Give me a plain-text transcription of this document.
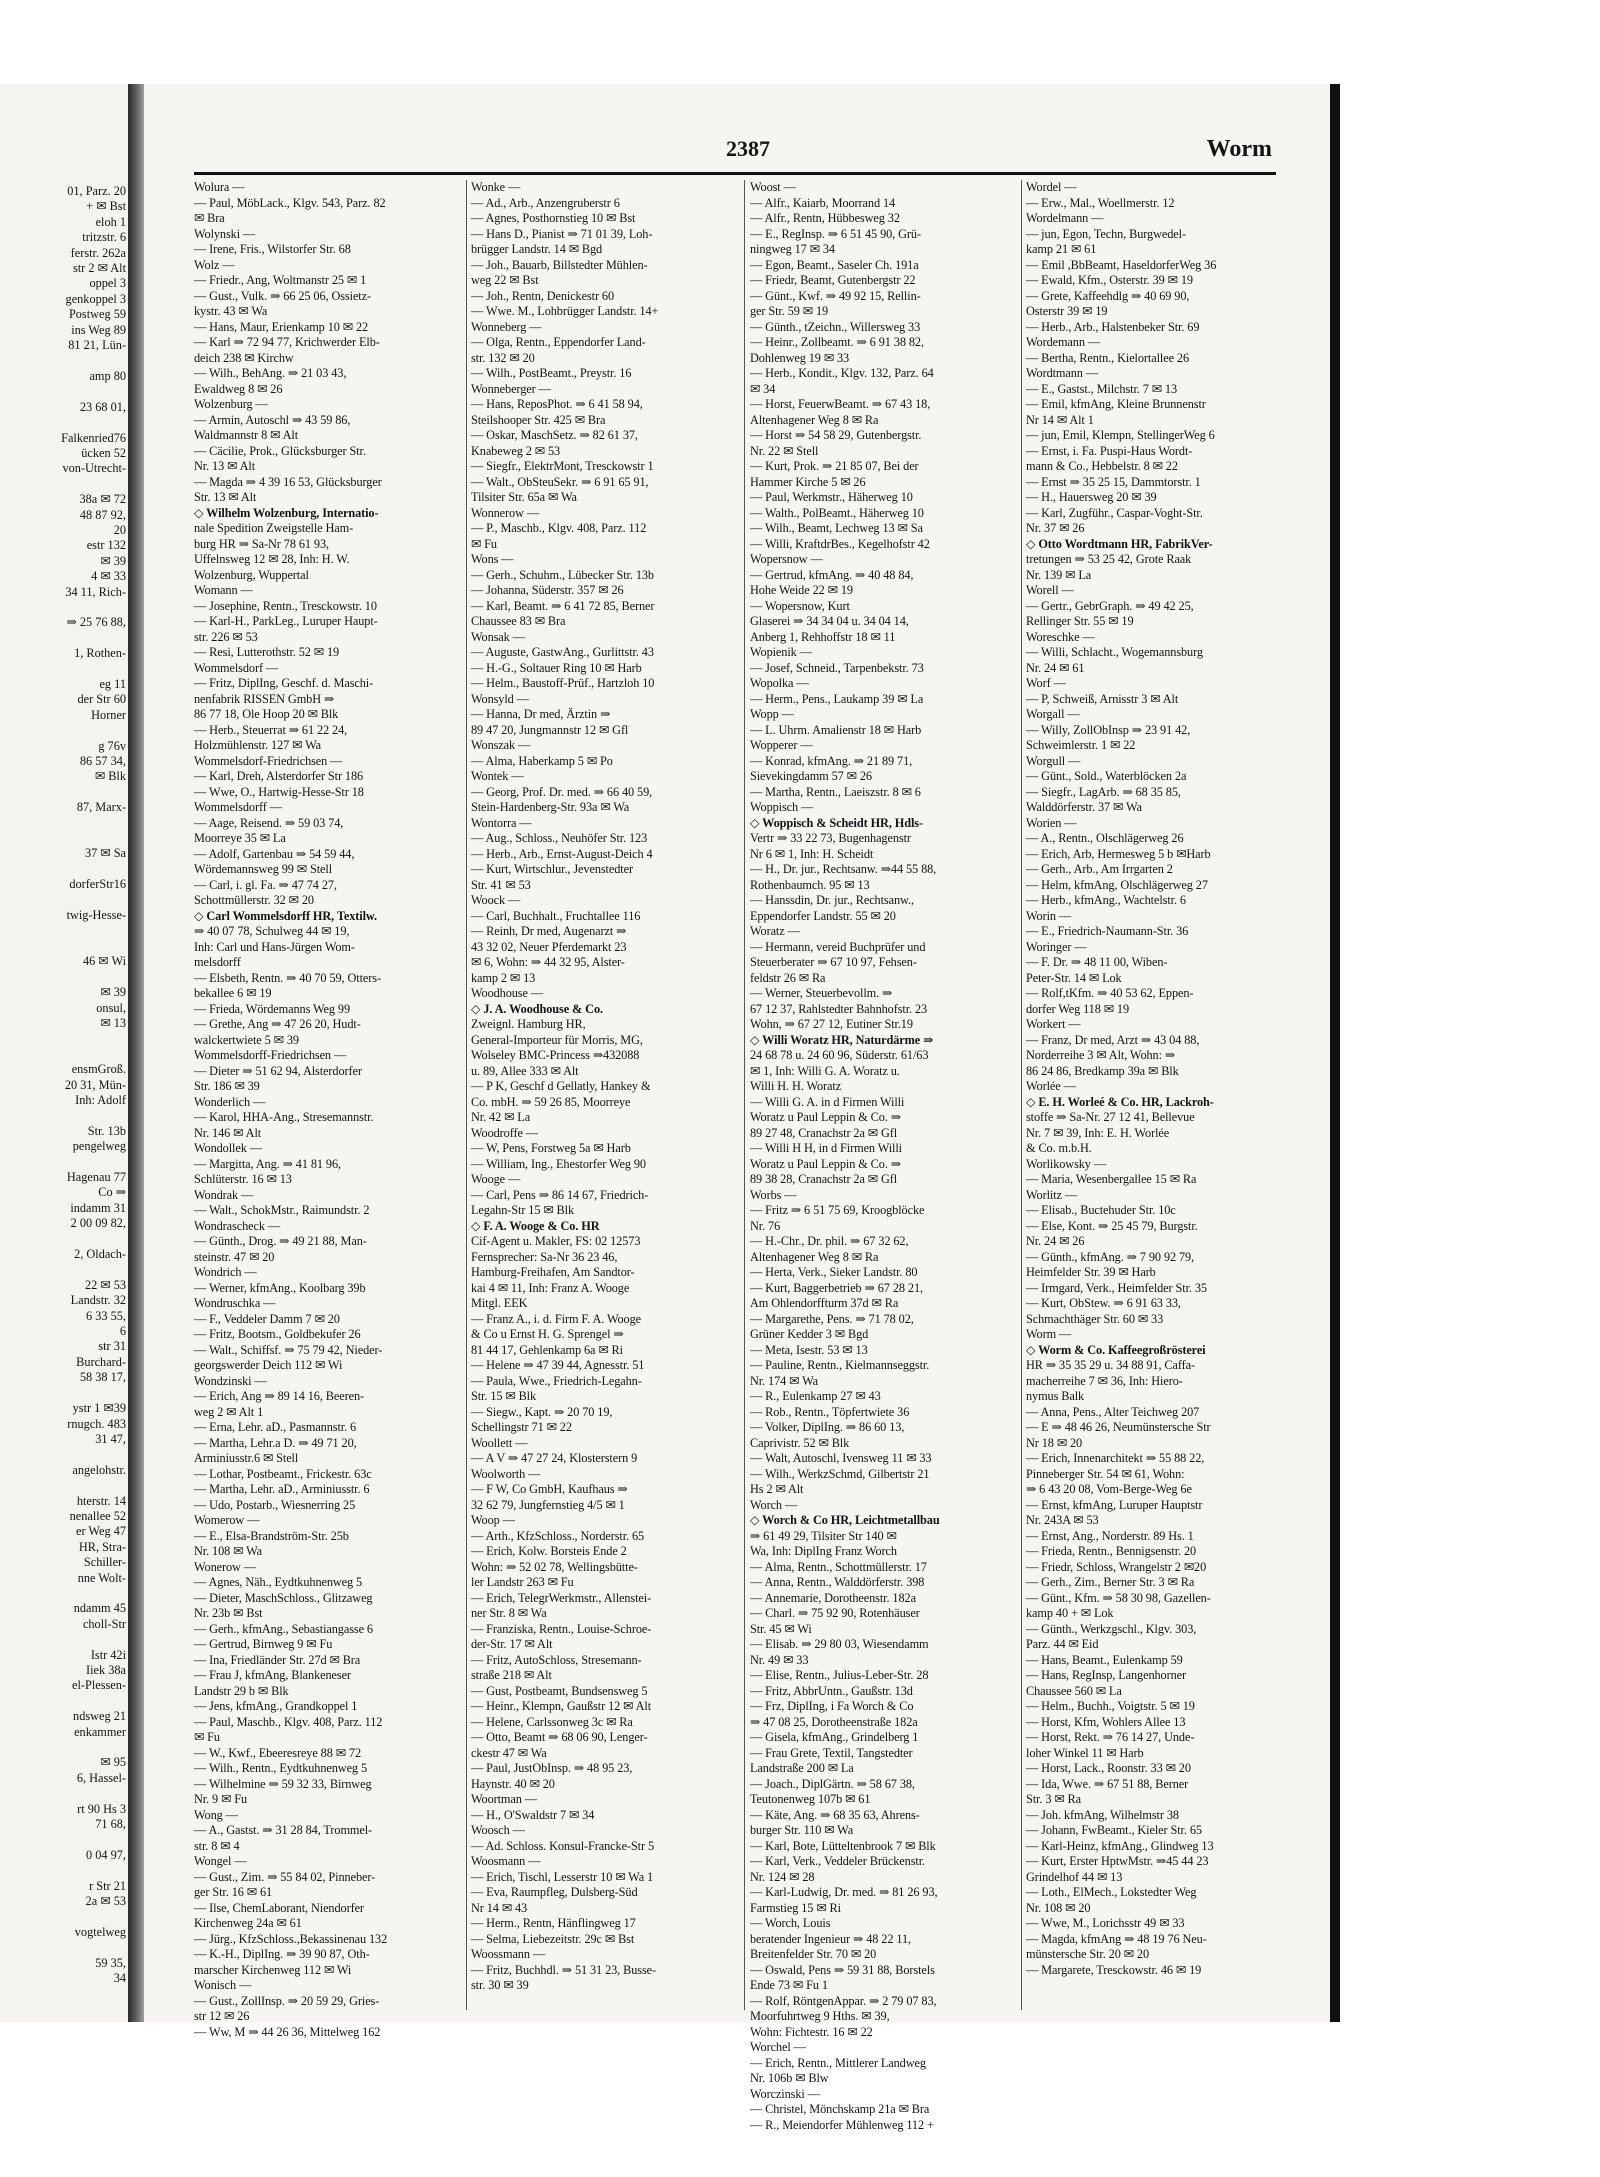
01, Parz. 20
+ ✉ Bst
eloh 1
tritzstr. 6
ferstr. 262a
str 2 ✉ Alt
oppel 3
genkoppel 3
Postweg 59
ins Weg 89
81 21, Lün-

amp 80

23 68 01,

Falkenried76
ücken 52
von-Utrecht-

38a ✉ 72
48 87 92,
20
estr 132
✉ 39
4 ✉ 33
34 11, Rich-

⇒ 25 76 88,

1, Rothen-

eg 11
der Str 60
Horner

g 76v
86 57 34,
✉ Blk

87, Marx-

37 ✉ Sa

dorferStr16

twig-Hesse-

46 ✉ Wi

✉ 39
onsul,
✉ 13

ensmGroß.
20 31, Mün-
Inh: Adolf

Str. 13b
pengelweg

Hagenau 77
Co ⇒
indamm 31
2 00 09 82,

2, Oldach-

22 ✉ 53
Landstr. 32
6 33 55,
6
str 31
Burchard-
58 38 17,

ystr 1 ✉39
rnugch. 483
31 47,

angelohstr.

hterstr. 14
nenallee 52
er Weg 47
HR, Stra-
Schiller-
nne Wolt-

ndamm 45
choll-Str

Istr 42i
Iiek 38a
el-Plessen-

ndsweg 21
enkammer

✉ 95
6, Hassel-

rt 90 Hs 3
71 68,

0 04 97,

r Str 21
2a ✉ 53

vogtelweg

59 35,
34
2387	Worm
Wolura —
— Paul, MöbLack., Klgv. 543, Parz. 82
✉ Bra
Wolynski —
— Irene, Fris., Wilstorfer Str. 68
Wolz —
— Friedr., Ang, Woltmanstr 25 ✉ 1
— Gust., Vulk. ⇒ 66 25 06, Ossietz-
kystr. 43 ✉ Wa
— Hans, Maur, Erienkamp 10 ✉ 22
— Karl ⇒ 72 94 77, Krichwerder Elb-
deich 238 ✉ Kirchw
— Wilh., BehAng. ⇒ 21 03 43,
Ewaldweg 8 ✉ 26
Wolzenburg —
— Armin, Autoschl ⇒ 43 59 86,
Waldmannstr 8 ✉ Alt
— Cäcilie, Prok., Glücksburger Str.
Nr. 13 ✉ Alt
— Magda ⇒ 4 39 16 53, Glücksburger
Str. 13 ✉ Alt
◇ Wilhelm Wolzenburg, Internatio-
nale Spedition Zweigstelle Ham-
burg HR ⇒ Sa-Nr 78 61 93,
Uffelnsweg 12 ✉ 28, Inh: H. W.
Wolzenburg, Wuppertal
Womann —
— Josephine, Rentn., Tresckowstr. 10
— Karl-H., ParkLeg., Luruper Haupt-
str. 226 ✉ 53
— Resi, Lutterothstr. 52 ✉ 19
Wommelsdorf —
— Fritz, DiplIng, Geschf. d. Maschi-
nenfabrik RISSEN GmbH ⇒
86 77 18, Ole Hoop 20 ✉ Blk
— Herb., Steuerrat ⇒ 61 22 24,
Holzmühlenstr. 127 ✉ Wa
Wommelsdorf-Friedrichsen —
— Karl, Dreh, Alsterdorfer Str 186
— Wwe, O., Hartwig-Hesse-Str 18
Wommelsdorff —
— Aage, Reisend. ⇒ 59 03 74,
Moorreye 35 ✉ La
— Adolf, Gartenbau ⇒ 54 59 44,
Wördemannsweg 99 ✉ Stell
— Carl, i. gl. Fa. ⇒ 47 74 27,
Schottmüllerstr. 32 ✉ 20
◇ Carl Wommelsdorff HR, Textilw.
⇒ 40 07 78, Schulweg 44 ✉ 19,
Inh: Carl und Hans-Jürgen Wom-
melsdorff
— Elsbeth, Rentn. ⇒ 40 70 59, Otters-
bekallee 6 ✉ 19
— Frieda, Wördemanns Weg 99
— Grethe, Ang ⇒ 47 26 20, Hudt-
walckertwiete 5 ✉ 39
Wommelsdorff-Friedrichsen —
— Dieter ⇒ 51 62 94, Alsterdorfer
Str. 186 ✉ 39
Wonderlich —
— Karol, HHA-Ang., Stresemannstr.
Nr. 146 ✉ Alt
Wondollek —
— Margitta, Ang. ⇒ 41 81 96,
Schlüterstr. 16 ✉ 13
Wondrak —
— Walt., SchokMstr., Raimundstr. 2
Wondrascheck —
— Günth., Drog. ⇒ 49 21 88, Man-
steinstr. 47 ✉ 20
Wondrich —
— Werner, kfmAng., Koolbarg 39b
Wondruschka —
— F., Veddeler Damm 7 ✉ 20
— Fritz, Bootsm., Goldbekufer 26
— Walt., Schiffsf. ⇒ 75 79 42, Nieder-
georgswerder Deich 112 ✉ Wi
Wondzinski —
— Erich, Ang ⇒ 89 14 16, Beeren-
weg 2 ✉ Alt 1
— Erna, Lehr. aD., Pasmannstr. 6
— Martha, Lehr.a D. ⇒ 49 71 20,
Arminiusstr.6 ✉ Stell
— Lothar, Postbeamt., Frickestr. 63c
— Martha, Lehr. aD., Arminiusstr. 6
— Udo, Postarb., Wiesnerring 25
Womerow —
— E., Elsa-Brandström-Str. 25b
Nr. 108 ✉ Wa
Wonerow —
— Agnes, Näh., Eydtkuhnenweg 5
— Dieter, MaschSchloss., Glitzaweg
Nr. 23b ✉ Bst
— Gerh., kfmAng., Sebastiangasse 6
— Gertrud, Birnweg 9 ✉ Fu
— Ina, Friedländer Str. 27d ✉ Bra
— Frau J, kfmAng, Blankeneser
Landstr 29 b ✉ Blk
— Jens, kfmAng., Grandkoppel 1
— Paul, Maschb., Klgv. 408, Parz. 112
✉ Fu
— W., Kwf., Ebeeresreye 88 ✉ 72
— Wilh., Rentn., Eydtkuhnenweg 5
— Wilhelmine ⇒ 59 32 33, Birnweg
Nr. 9 ✉ Fu
Wong —
— A., Gastst. ⇒ 31 28 84, Trommel-
str. 8 ✉ 4
Wongel —
— Gust., Zim. ⇒ 55 84 02, Pinneber-
ger Str. 16 ✉ 61
— Ilse, ChemLaborant, Niendorfer
Kirchenweg 24a ✉ 61
— Jürg., KfzSchloss.,Bekassinenau 132
— K.-H., DiplIng. ⇒ 39 90 87, Oth-
marscher Kirchenweg 112 ✉ Wi
Wonisch —
— Gust., ZollInsp. ⇒ 20 59 29, Gries-
str 12 ✉ 26
— Ww, M ⇒ 44 26 36, Mittelweg 162
Wonke —
— Ad., Arb., Anzengruberstr 6
— Agnes, Posthornstieg 10 ✉ Bst
— Hans D., Pianist ⇒ 71 01 39, Loh-
brügger Landstr. 14 ✉ Bgd
— Joh., Bauarb, Billstedter Mühlen-
weg 22 ✉ Bst
— Joh., Rentn, Denickestr 60
— Wwe. M., Lohbrügger Landstr. 14+
Wonneberg —
— Olga, Rentn., Eppendorfer Land-
str. 132 ✉ 20
— Wilh., PostBeamt., Preystr. 16
Wonneberger —
— Hans, ReposPhot. ⇒ 6 41 58 94,
Steilshooper Str. 425 ✉ Bra
— Oskar, MaschSetz. ⇒ 82 61 37,
Knabeweg 2 ✉ 53
— Siegfr., ElektrMont, Tresckowstr 1
— Walt., ObSteuSekr. ⇒ 6 91 65 91,
Tilsiter Str. 65a ✉ Wa
Wonnerow —
— P., Maschb., Klgv. 408, Parz. 112
✉ Fu
Wons —
— Gerh., Schuhm., Lübecker Str. 13b
— Johanna, Süderstr. 357 ✉ 26
— Karl, Beamt. ⇒ 6 41 72 85, Berner
Chaussee 83 ✉ Bra
Wonsak —
— Auguste, GastwAng., Gurlittstr. 43
— H.-G., Soltauer Ring 10 ✉ Harb
— Helm., Baustoff-Prüf., Hartzloh 10
Wonsyld —
— Hanna, Dr med, Ärztin ⇒
89 47 20, Jungmannstr 12 ✉ Gfl
Wonszak —
— Alma, Haberkamp 5 ✉ Po
Wontek —
— Georg, Prof. Dr. med. ⇒ 66 40 59,
Stein-Hardenberg-Str. 93a ✉ Wa
Wontorra —
— Aug., Schloss., Neuhöfer Str. 123
— Herb., Arb., Ernst-August-Deich 4
— Kurt, Wirtschlur., Jevenstedter
Str. 41 ✉ 53
Woock —
— Carl, Buchhalt., Fruchtallee 116
— Reinh, Dr med, Augenarzt ⇒
43 32 02, Neuer Pferdemarkt 23
✉ 6, Wohn: ⇒ 44 32 95, Alster-
kamp 2 ✉ 13
Woodhouse —
◇ J. A. Woodhouse & Co.
Zweignl. Hamburg HR,
General-Importeur für Morris, MG,
Wolseley BMC-Princess ⇒432088
u. 89, Allee 333 ✉ Alt
— P K, Geschf d Gellatly, Hankey &
Co. mbH. ⇒ 59 26 85, Moorreye
Nr. 42 ✉ La
Woodroffe —
— W, Pens, Forstweg 5a ✉ Harb
— William, Ing., Ehestorfer Weg 90
Wooge —
— Carl, Pens ⇒ 86 14 67, Friedrich-
Legahn-Str 15 ✉ Blk
◇ F. A. Wooge & Co. HR
Cif-Agent u. Makler, FS: 02 12573
Fernsprecher: Sa-Nr 36 23 46,
Hamburg-Freihafen, Am Sandtor-
kai 4 ✉ 11, Inh: Franz A. Wooge
Mitgl. EEK
— Franz A., i. d. Firm F. A. Wooge
& Co u Ernst H. G. Sprengel ⇒
81 44 17, Gehlenkamp 6a ✉ Ri
— Helene ⇒ 47 39 44, Agnesstr. 51
— Paula, Wwe., Friedrich-Legahn-
Str. 15 ✉ Blk
— Siegw., Kapt. ⇒ 20 70 19,
Schellingstr 71 ✉ 22
Woollett —
— A V ⇒ 47 27 24, Klosterstern 9
Woolworth —
— F W, Co GmbH, Kaufhaus ⇒
32 62 79, Jungfernstieg 4/5 ✉ 1
Woop —
— Arth., KfzSchloss., Norderstr. 65
— Erich, Kolw. Borsteis Ende 2
Wohn: ⇒ 52 02 78, Wellingsbütte-
ler Landstr 263 ✉ Fu
— Erich, TelegrWerkmstr., Allenstei-
ner Str. 8 ✉ Wa
— Franziska, Rentn., Louise-Schroe-
der-Str. 17 ✉ Alt
— Fritz, AutoSchloss, Stresemann-
straße 218 ✉ Alt
— Gust, Postbeamt, Bundsensweg 5
— Heinr., Klempn, Gaußstr 12 ✉ Alt
— Helene, Carlssonweg 3c ✉ Ra
— Otto, Beamt ⇒ 68 06 90, Lenger-
ckestr 47 ✉ Wa
— Paul, JustObInsp. ⇒ 48 95 23,
Haynstr. 40 ✉ 20
Woortman —
— H., O'Swaldstr 7 ✉ 34
Woosch —
— Ad. Schloss. Konsul-Francke-Str 5
Woosmann —
— Erich, Tischl, Lesserstr 10 ✉ Wa 1
— Eva, Raumpfleg, Dulsberg-Süd
Nr 14 ✉ 43
— Herm., Rentn, Hänflingweg 17
— Selma, Liebezeitstr. 29c ✉ Bst
Woossmann —
— Fritz, Buchhdl. ⇒ 51 31 23, Busse-
str. 30 ✉ 39
Woost —
— Alfr., Kaiarb, Moorrand 14
— Alfr., Rentn, Hübbesweg 32
— E., RegInsp. ⇒ 6 51 45 90, Grü-
ningweg 17 ✉ 34
— Egon, Beamt., Saseler Ch. 191a
— Friedr, Beamt, Gutenbergstr 22
— Günt., Kwf. ⇒ 49 92 15, Rellin-
ger Str. 59 ✉ 19
— Günth., tZeichn., Willersweg 33
— Heinr., Zollbeamt. ⇒ 6 91 38 82,
Dohlenweg 19 ✉ 33
— Herb., Kondit., Klgv. 132, Parz. 64
✉ 34
— Horst, FeuerwBeamt. ⇒ 67 43 18,
Altenhagener Weg 8 ✉ Ra
— Horst ⇒ 54 58 29, Gutenbergstr.
Nr. 22 ✉ Stell
— Kurt, Prok. ⇒ 21 85 07, Bei der
Hammer Kirche 5 ✉ 26
— Paul, Werkmstr., Häherweg 10
— Walth., PolBeamt., Häherweg 10
— Wilh., Beamt, Lechweg 13 ✉ Sa
— Willi, KraftdrBes., Kegelhofstr 42
Wopersnow —
— Gertrud, kfmAng. ⇒ 40 48 84,
Hohe Weide 22 ✉ 19
— Wopersnow, Kurt
Glaserei ⇒ 34 34 04 u. 34 04 14,
Anberg 1, Rehhoffstr 18 ✉ 11
Wopienik —
— Josef, Schneid., Tarpenbekstr. 73
Wopolka —
— Herm., Pens., Laukamp 39 ✉ La
Wopp —
— L. Uhrm. Amalienstr 18 ✉ Harb
Wopperer —
— Konrad, kfmAng. ⇒ 21 89 71,
Sievekingdamm 57 ✉ 26
— Martha, Rentn., Laeiszstr. 8 ✉ 6
Woppisch —
◇ Woppisch & Scheidt HR, Hdls-
Vertr ⇒ 33 22 73, Bugenhagenstr
Nr 6 ✉ 1, Inh: H. Scheidt
— H., Dr. jur., Rechtsanw. ⇒44 55 88,
Rothenbaumch. 95 ✉ 13
— Hanssdin, Dr. jur., Rechtsanw.,
Eppendorfer Landstr. 55 ✉ 20
Woratz —
— Hermann, vereid Buchprüfer und
Steuerberater ⇒ 67 10 97, Fehsen-
feldstr 26 ✉ Ra
— Werner, Steuerbevollm. ⇒
67 12 37, Rahlstedter Bahnhofstr. 23
Wohn, ⇒ 67 27 12, Eutiner Str.19
◇ Willi Woratz HR, Naturdärme ⇒
24 68 78 u. 24 60 96, Süderstr. 61/63
✉ 1, Inh: Willi G. A. Woratz u.
Willi H. H. Woratz
— Willi G. A. in d Firmen Willi
Woratz u Paul Leppin & Co. ⇒
89 27 48, Cranachstr 2a ✉ Gfl
— Willi H H, in d Firmen Willi
Woratz u Paul Leppin & Co. ⇒
89 38 28, Cranachstr 2a ✉ Gfl
Worbs —
— Fritz ⇒ 6 51 75 69, Kroogblöcke
Nr. 76
— H.-Chr., Dr. phil. ⇒ 67 32 62,
Altenhagener Weg 8 ✉ Ra
— Herta, Verk., Sieker Landstr. 80
— Kurt, Baggerbetrieb ⇒ 67 28 21,
Am Ohlendorffturm 37d ✉ Ra
— Margarethe, Pens. ⇒ 71 78 02,
Grüner Kedder 3 ✉ Bgd
— Meta, Isestr. 53 ✉ 13
— Pauline, Rentn., Kielmannseggstr.
Nr. 174 ✉ Wa
— R., Eulenkamp 27 ✉ 43
— Rob., Rentn., Töpfertwiete 36
— Volker, DiplIng. ⇒ 86 60 13,
Caprivistr. 52 ✉ Blk
— Walt, Autoschl, Ivensweg 11 ✉ 33
— Wilh., WerkzSchmd, Gilbertstr 21
Hs 2 ✉ Alt
Worch —
◇ Worch & Co HR, Leichtmetallbau
⇒ 61 49 29, Tilsiter Str 140 ✉
Wa, Inh: DiplIng Franz Worch
— Alma, Rentn., Schottmüllerstr. 17
— Anna, Rentn., Walddörferstr. 398
— Annemarie, Dorotheenstr. 182a
— Charl. ⇒ 75 92 90, Rotenhäuser
Str. 45 ✉ Wi
— Elisab. ⇒ 29 80 03, Wiesendamm
Nr. 49 ✉ 33
— Elise, Rentn., Julius-Leber-Str. 28
— Fritz, AbbrUntn., Gaußstr. 13d
— Frz, DiplIng, i Fa Worch & Co
⇒ 47 08 25, Dorotheenstraße 182a
— Gisela, kfmAng., Grindelberg 1
— Frau Grete, Textil, Tangstedter
Landstraße 200 ✉ La
— Joach., DiplGärtn. ⇒ 58 67 38,
Teutonenweg 107b ✉ 61
— Käte, Ang. ⇒ 68 35 63, Ahrens-
burger Str. 110 ✉ Wa
— Karl, Bote, Lütteltenbrook 7 ✉ Blk
— Karl, Verk., Veddeler Brückenstr.
Nr. 124 ✉ 28
— Karl-Ludwig, Dr. med. ⇒ 81 26 93,
Farmstieg 15 ✉ Ri
— Worch, Louis
beratender Ingenieur ⇒ 48 22 11,
Breitenfelder Str. 70 ✉ 20
— Oswald, Pens ⇒ 59 31 88, Borstels
Ende 73 ✉ Fu 1
— Rolf, RöntgenAppar. ⇒ 2 79 07 83,
Moorfuhrtweg 9 Hths. ✉ 39,
Wohn: Fichtestr. 16 ✉ 22
Worchel —
— Erich, Rentn., Mittlerer Landweg
Nr. 106b ✉ Blw
Worczinski —
— Christel, Mönchskamp 21a ✉ Bra
— R., Meiendorfer Mühlenweg 112 +
Wordel —
— Erw., Mal., Woellmerstr. 12
Wordelmann —
— jun, Egon, Techn, Burgwedel-
kamp 21 ✉ 61
— Emil ,BbBeamt, HaseldorferWeg 36
— Ewald, Kfm., Osterstr. 39 ✉ 19
— Grete, Kaffeehdlg ⇒ 40 69 90,
Osterstr 39 ✉ 19
— Herb., Arb., Halstenbeker Str. 69
Wordemann —
— Bertha, Rentn., Kielortallee 26
Wordtmann —
— E., Gastst., Milchstr. 7 ✉ 13
— Emil, kfmAng, Kleine Brunnenstr
Nr 14 ✉ Alt 1
— jun, Emil, Klempn, StellingerWeg 6
— Ernst, i. Fa. Puspi-Haus Wordt-
mann & Co., Hebbelstr. 8 ✉ 22
— Ernst ⇒ 35 25 15, Dammtorstr. 1
— H., Hauersweg 20 ✉ 39
— Karl, Zugführ., Caspar-Voght-Str.
Nr. 37 ✉ 26
◇ Otto Wordtmann HR, FabrikVer-
tretungen ⇒ 53 25 42, Grote Raak
Nr. 139 ✉ La
Worell —
— Gertr., GebrGraph. ⇒ 49 42 25,
Rellinger Str. 55 ✉ 19
Woreschke —
— Willi, Schlacht., Wogemannsburg
Nr. 24 ✉ 61
Worf —
— P, Schweiß, Arnisstr 3 ✉ Alt
Worgall —
— Willy, ZollObInsp ⇒ 23 91 42,
Schweimlerstr. 1 ✉ 22
Worgull —
— Günt., Sold., Waterblöcken 2a
— Siegfr., LagArb. ⇒ 68 35 85,
Walddörferstr. 37 ✉ Wa
Worien —
— A., Rentn., Olschlägerweg 26
— Erich, Arb, Hermesweg 5 b ✉Harb
— Gerh., Arb., Am Irrgarten 2
— Helm, kfmAng, Olschlägerweg 27
— Herb., kfmAng., Wachtelstr. 6
Worin —
— E., Friedrich-Naumann-Str. 36
Woringer —
— F. Dr. ⇒ 48 11 00, Wiben-
Peter-Str. 14 ✉ Lok
— Rolf,tKfm. ⇒ 40 53 62, Eppen-
dorfer Weg 118 ✉ 19
Workert —
— Franz, Dr med, Arzt ⇒ 43 04 88,
Norderreihe 3 ✉ Alt, Wohn: ⇒
86 24 86, Bredkamp 39a ✉ Blk
Worlée —
◇ E. H. Worleé & Co. HR, Lackroh-
stoffe ⇒ Sa-Nr. 27 12 41, Bellevue
Nr. 7 ✉ 39, Inh: E. H. Worlée
& Co. m.b.H.
Worlikowsky —
— Maria, Wesenbergallee 15 ✉ Ra
Worlitz —
— Elisab., Buctehuder Str. 10c
— Else, Kont. ⇒ 25 45 79, Burgstr.
Nr. 24 ✉ 26
— Günth., kfmAng. ⇒ 7 90 92 79,
Heimfelder Str. 39 ✉ Harb
— Irmgard, Verk., Heimfelder Str. 35
— Kurt, ObStew. ⇒ 6 91 63 33,
Schmachthäger Str. 60 ✉ 33
Worm —
◇ Worm & Co. Kaffeegroßrösterei
HR ⇒ 35 35 29 u. 34 88 91, Caffa-
macherreihe 7 ✉ 36, Inh: Hiero-
nymus Balk
— Anna, Pens., Alter Teichweg 207
— E ⇒ 48 46 26, Neumünstersche Str
Nr 18 ✉ 20
— Erich, Innenarchitekt ⇒ 55 88 22,
Pinneberger Str. 54 ✉ 61, Wohn:
⇒ 6 43 20 08, Vom-Berge-Weg 6e
— Ernst, kfmAng, Luruper Hauptstr
Nr. 243A ✉ 53
— Ernst, Ang., Norderstr. 89 Hs. 1
— Frieda, Rentn., Bennigsenstr. 20
— Friedr, Schloss, Wrangelstr 2 ✉20
— Gerh., Zim., Berner Str. 3 ✉ Ra
— Günt., Kfm. ⇒ 58 30 98, Gazellen-
kamp 40 + ✉ Lok
— Günth., Werkzgschl., Klgv. 303,
Parz. 44 ✉ Eid
— Hans, Beamt., Eulenkamp 59
— Hans, RegInsp, Langenhorner
Chaussee 560 ✉ La
— Helm., Buchh., Voigtstr. 5 ✉ 19
— Horst, Kfm, Wohlers Allee 13
— Horst, Rekt. ⇒ 76 14 27, Unde-
loher Winkel 11 ✉ Harb
— Horst, Lack., Roonstr. 33 ✉ 20
— Ida, Wwe. ⇒ 67 51 88, Berner
Str. 3 ✉ Ra
— Joh. kfmAng, Wilhelmstr 38
— Johann, FwBeamt., Kieler Str. 65
— Karl-Heinz, kfmAng., Glindweg 13
— Kurt, Erster HptwMstr. ⇒45 44 23
Grindelhof 44 ✉ 13
— Loth., ElMech., Lokstedter Weg
Nr. 108 ✉ 20
— Wwe, M., Lorichsstr 49 ✉ 33
— Magda, kfmAng ⇒ 48 19 76 Neu-
münstersche Str. 20 ✉ 20
— Margarete, Tresckowstr. 46 ✉ 19
